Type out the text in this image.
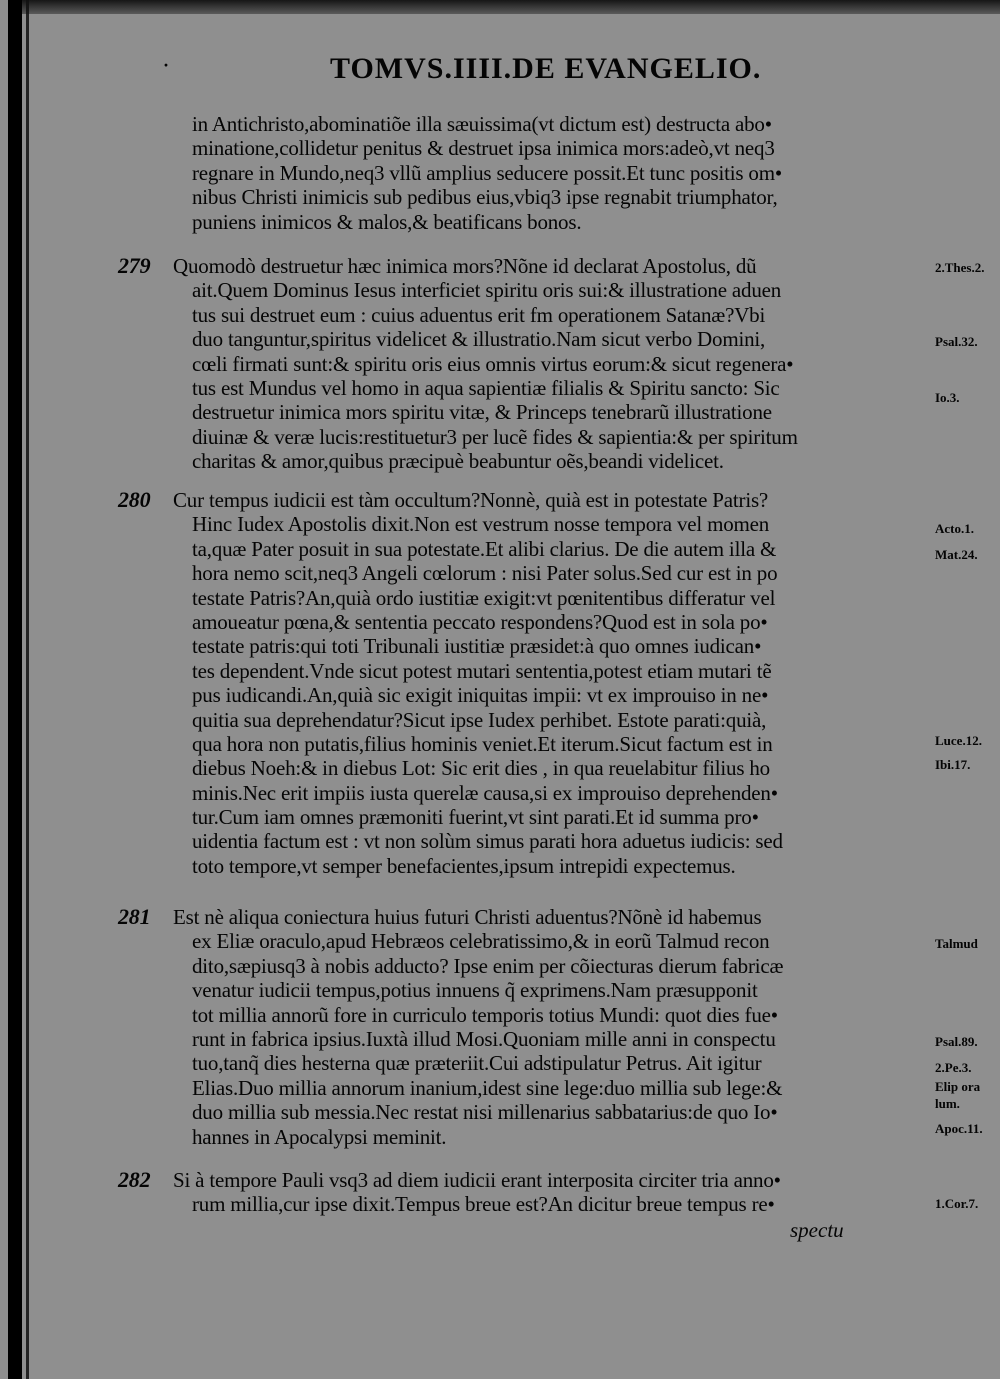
·	TOMVS.IIII.DE EVANGELIO.
in Antichristo,abominatiõe illa sæuissima(vt dictum est) destructa abo•
minatione,collidetur penitus & destruet ipsa inimica mors:adeò,vt neq3
regnare in Mundo,neq3 vllũ amplius seducere possit.Et tunc positis om•
nibus Christi inimicis sub pedibus eius,vbiq3 ipse regnabit triumphator,
puniens inimicos & malos,& beatificans bonos.
279 Quomodò destruetur hæc inimica mors?Nõne id declarat Apostolus, dũ
ait.Quem Dominus Iesus interficiet spiritu oris sui:& illustratione aduen
tus sui destruet eum : cuius aduentus erit fm operationem Satanæ?Vbi
duo tanguntur,spiritus videlicet & illustratio.Nam sicut verbo Domini,
cœli firmati sunt:& spiritu oris eius omnis virtus eorum:& sicut regenera•
tus est Mundus vel homo in aqua sapientiæ filialis & Spiritu sancto: Sic
destruetur inimica mors spiritu vitæ, & Princeps tenebrarũ illustratione
diuinæ & veræ lucis:restituetur3 per lucẽ fides & sapientia:& per spiritum
charitas & amor,quibus præcipuè beabuntur oẽs,beandi videlicet.
280 Cur tempus iudicii est tàm occultum?Nonnè, quià est in potestate Patris?
Hinc Iudex Apostolis dixit.Non est vestrum nosse tempora vel momen
ta,quæ Pater posuit in sua potestate.Et alibi clarius. De die autem illa &
hora nemo scit,neq3 Angeli cœlorum : nisi Pater solus.Sed cur est in po
testate Patris?An,quià ordo iustitiæ exigit:vt pœnitentibus differatur vel
amoueatur pœna,& sententia peccato respondens?Quod est in sola po•
testate patris:qui toti Tribunali iustitiæ præsidet:à quo omnes iudican•
tes dependent.Vnde sicut potest mutari sententia,potest etiam mutari tẽ
pus iudicandi.An,quià sic exigit iniquitas impii: vt ex improuiso in ne•
quitia sua deprehendatur?Sicut ipse Iudex perhibet. Estote parati:quià,
qua hora non putatis,filius hominis veniet.Et iterum.Sicut factum est in
diebus Noeh:& in diebus Lot: Sic erit dies , in qua reuelabitur filius ho
minis.Nec erit impiis iusta querelæ causa,si ex improuiso deprehenden•
tur.Cum iam omnes præmoniti fuerint,vt sint parati.Et id summa pro•
uidentia factum est : vt non solùm simus parati hora aduetus iudicis: sed
toto tempore,vt semper benefacientes,ipsum intrepidi expectemus.
281 Est nè aliqua coniectura huius futuri Christi aduentus?Nõnè id habemus
ex Eliæ oraculo,apud Hebræos celebratissimo,& in eorũ Talmud recon
dito,sæpiusq3 à nobis adducto? Ipse enim per cõiecturas dierum fabricæ
venatur iudicii tempus,potius innuens q̃ exprimens.Nam præsupponit
tot millia annorũ fore in curriculo temporis totius Mundi: quot dies fue•
runt in fabrica ipsius.Iuxtà illud Mosi.Quoniam mille anni in conspectu
tuo,tanq̃ dies hesterna quæ præteriit.Cui adstipulatur Petrus. Ait igitur
Elias.Duo millia annorum inanium,idest sine lege:duo millia sub lege:&
duo millia sub messia.Nec restat nisi millenarius sabbatarius:de quo Io•
hannes in Apocalypsi meminit.
282 Si à tempore Pauli vsq3 ad diem iudicii erant interposita circiter tria anno•
rum millia,cur ipse dixit.Tempus breue est?An dicitur breue tempus re•
spectu
2.Thes.2.
Psal.32.
Io.3.
Acto.1.
Mat.24.
Luce.12.
Ibi.17.
Talmud
Psal.89.
2.Pe.3.
Elip ora
lum.
Apoc.11.
1.Cor.7.
